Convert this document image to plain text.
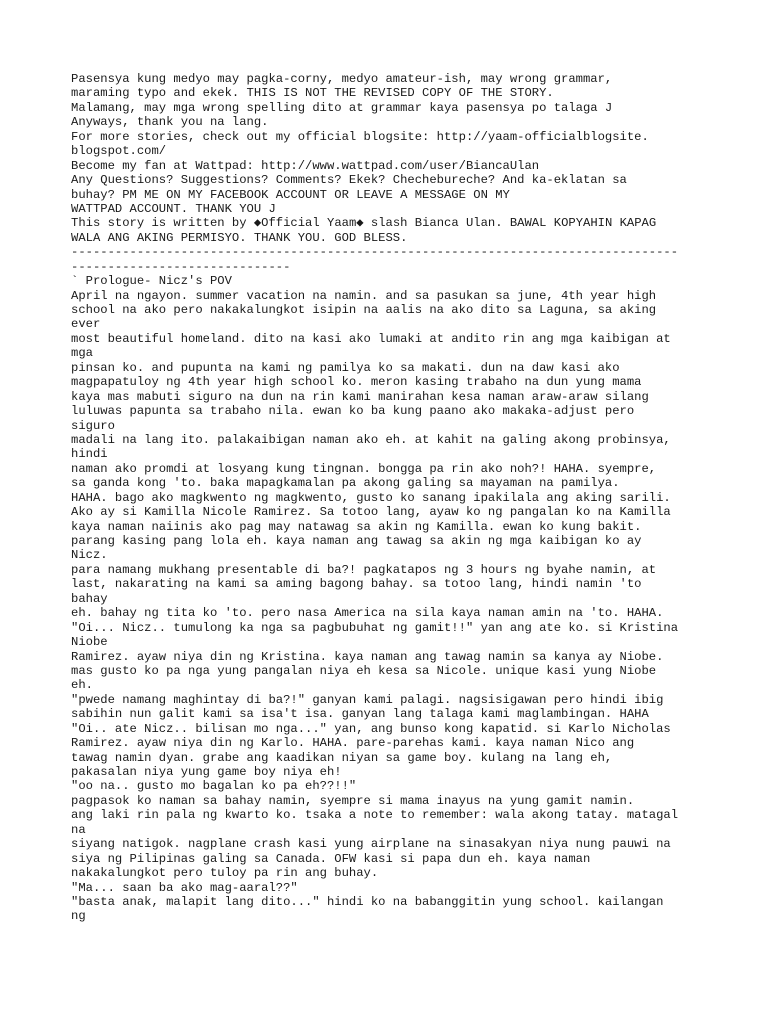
Pasensya kung medyo may pagka-corny, medyo amateur-ish, may wrong grammar,
maraming typo and ekek. THIS IS NOT THE REVISED COPY OF THE STORY.
Malamang, may mga wrong spelling dito at grammar kaya pasensya po talaga J
Anyways, thank you na lang.
For more stories, check out my official blogsite: http://yaam-officialblogsite.
blogspot.com/
Become my fan at Wattpad: http://www.wattpad.com/user/BiancaUlan
Any Questions? Suggestions? Comments? Ekek? Chechebureche? And ka-eklatan sa
buhay? PM ME ON MY FACEBOOK ACCOUNT OR LEAVE A MESSAGE ON MY
WATTPAD ACCOUNT. THANK YOU J
This story is written by ◆Official Yaam◆ slash Bianca Ulan. BAWAL KOPYAHIN KAPAG
WALA ANG AKING PERMISYO. THANK YOU. GOD BLESS.
-----------------------------------------------------------------------------------
------------------------------
` Prologue- Nicz's POV
April na ngayon. summer vacation na namin. and sa pasukan sa june, 4th year high
school na ako pero nakakalungkot isipin na aalis na ako dito sa Laguna, sa aking
ever
most beautiful homeland. dito na kasi ako lumaki at andito rin ang mga kaibigan at
mga
pinsan ko. and pupunta na kami ng pamilya ko sa makati. dun na daw kasi ako
magpapatuloy ng 4th year high school ko. meron kasing trabaho na dun yung mama
kaya mas mabuti siguro na dun na rin kami manirahan kesa naman araw-araw silang
luluwas papunta sa trabaho nila. ewan ko ba kung paano ako makaka-adjust pero
siguro
madali na lang ito. palakaibigan naman ako eh. at kahit na galing akong probinsya,
hindi
naman ako promdi at losyang kung tingnan. bongga pa rin ako noh?! HAHA. syempre,
sa ganda kong 'to. baka mapagkamalan pa akong galing sa mayaman na pamilya.
HAHA. bago ako magkwento ng magkwento, gusto ko sanang ipakilala ang aking sarili.
Ako ay si Kamilla Nicole Ramirez. Sa totoo lang, ayaw ko ng pangalan ko na Kamilla
kaya naman naiinis ako pag may natawag sa akin ng Kamilla. ewan ko kung bakit.
parang kasing pang lola eh. kaya naman ang tawag sa akin ng mga kaibigan ko ay
Nicz.
para namang mukhang presentable di ba?! pagkatapos ng 3 hours ng byahe namin, at
last, nakarating na kami sa aming bagong bahay. sa totoo lang, hindi namin 'to
bahay
eh. bahay ng tita ko 'to. pero nasa America na sila kaya naman amin na 'to. HAHA.
"Oi... Nicz.. tumulong ka nga sa pagbubuhat ng gamit!!" yan ang ate ko. si Kristina
Niobe
Ramirez. ayaw niya din ng Kristina. kaya naman ang tawag namin sa kanya ay Niobe.
mas gusto ko pa nga yung pangalan niya eh kesa sa Nicole. unique kasi yung Niobe
eh.
"pwede namang maghintay di ba?!" ganyan kami palagi. nagsisigawan pero hindi ibig
sabihin nun galit kami sa isa't isa. ganyan lang talaga kami maglambingan. HAHA
"Oi.. ate Nicz.. bilisan mo nga..." yan, ang bunso kong kapatid. si Karlo Nicholas
Ramirez. ayaw niya din ng Karlo. HAHA. pare-parehas kami. kaya naman Nico ang
tawag namin dyan. grabe ang kaadikan niyan sa game boy. kulang na lang eh,
pakasalan niya yung game boy niya eh!
"oo na.. gusto mo bagalan ko pa eh??!!"
pagpasok ko naman sa bahay namin, syempre si mama inayus na yung gamit namin.
ang laki rin pala ng kwarto ko. tsaka a note to remember: wala akong tatay. matagal
na
siyang natigok. nagplane crash kasi yung airplane na sinasakyan niya nung pauwi na
siya ng Pilipinas galing sa Canada. OFW kasi si papa dun eh. kaya naman
nakakalungkot pero tuloy pa rin ang buhay.
"Ma... saan ba ako mag-aaral??"
"basta anak, malapit lang dito..." hindi ko na babanggitin yung school. kailangan
ng
